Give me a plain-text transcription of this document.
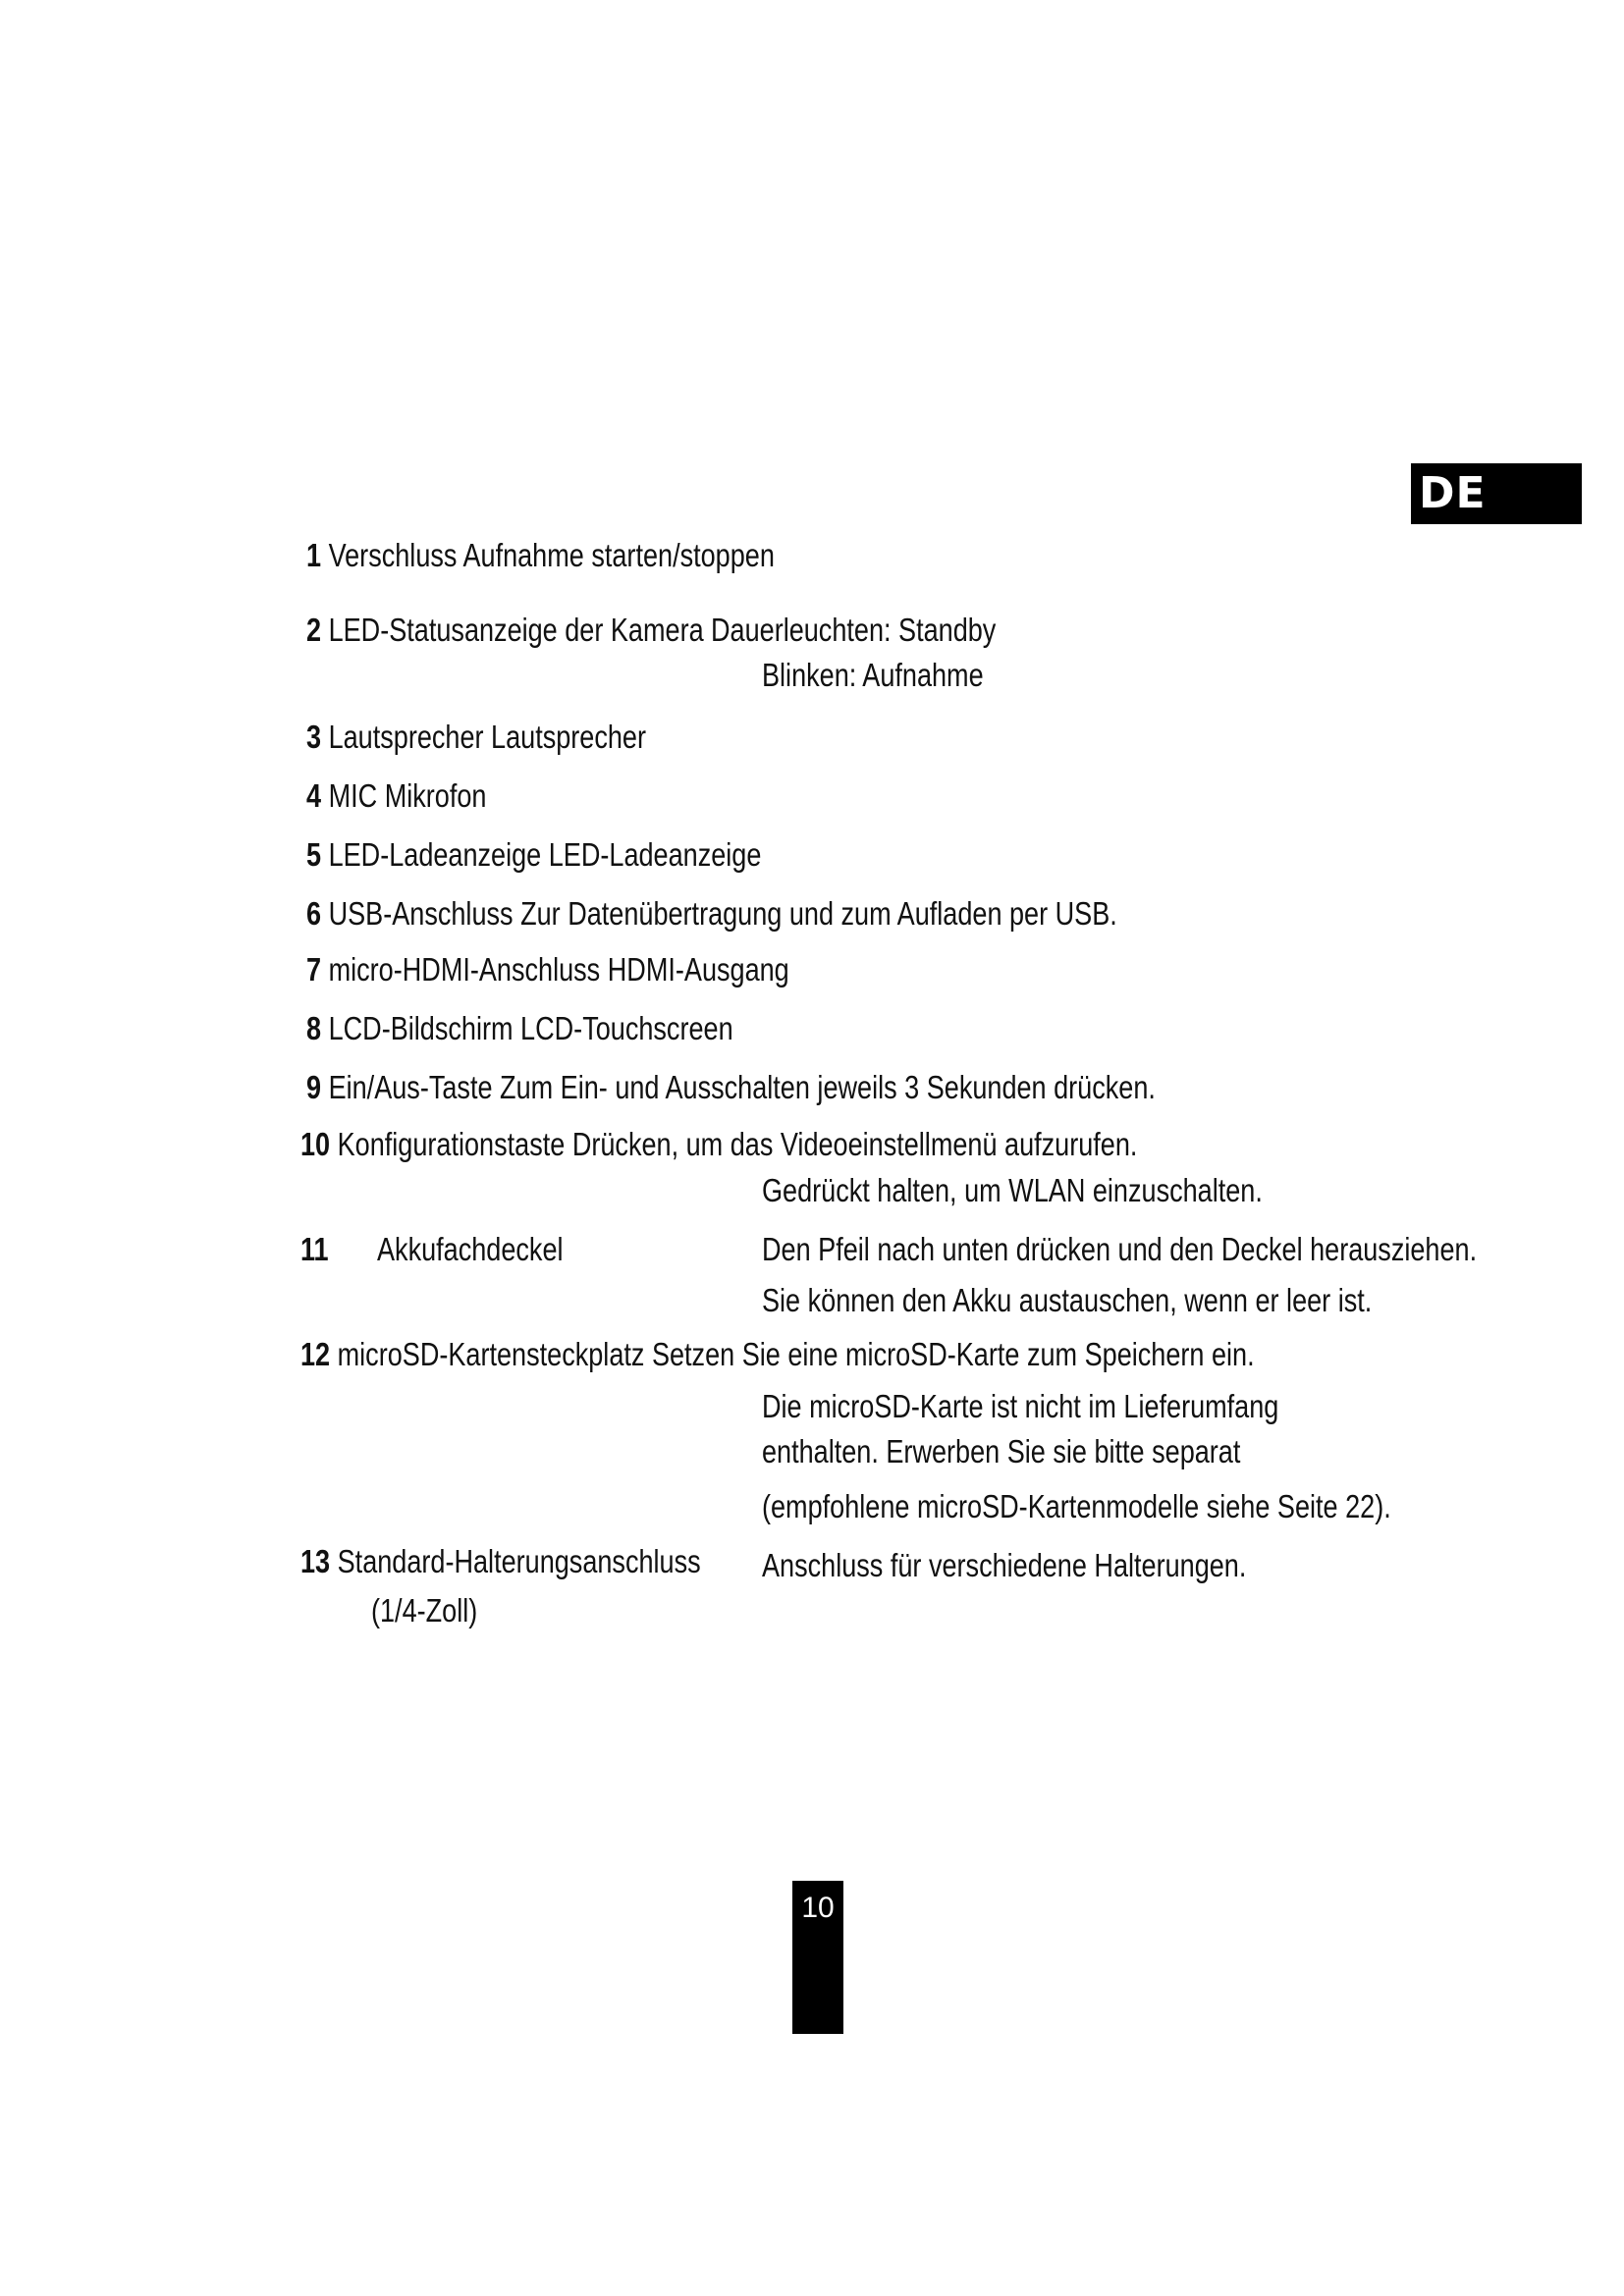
DE
1 Verschluss Aufnahme starten/stoppen
2 LED-Statusanzeige der Kamera Dauerleuchten: Standby
Blinken: Aufnahme
3 Lautsprecher Lautsprecher
4 MIC Mikrofon
5 LED-Ladeanzeige LED-Ladeanzeige
6 USB-Anschluss Zur Datenübertragung und zum Aufladen per USB.
7 micro-HDMI-Anschluss HDMI-Ausgang
8 LCD-Bildschirm LCD-Touchscreen
9 Ein/Aus-Taste Zum Ein- und Ausschalten jeweils 3 Sekunden drücken.
10 Konfigurationstaste Drücken, um das Videoeinstellmenü aufzurufen.
Gedrückt halten, um WLAN einzuschalten.
11 Akkufachdeckel	Den Pfeil nach unten drücken und den Deckel herausziehen.
Sie können den Akku austauschen, wenn er leer ist.
12 microSD-Kartensteckplatz Setzen Sie eine microSD-Karte zum Speichern ein.
Die microSD-Karte ist nicht im Lieferumfang
enthalten. Erwerben Sie sie bitte separat
(empfohlene microSD-Kartenmodelle siehe Seite 22).
13 Standard-Halterungsanschluss
(1/4-Zoll)
Anschluss für verschiedene Halterungen.
10
